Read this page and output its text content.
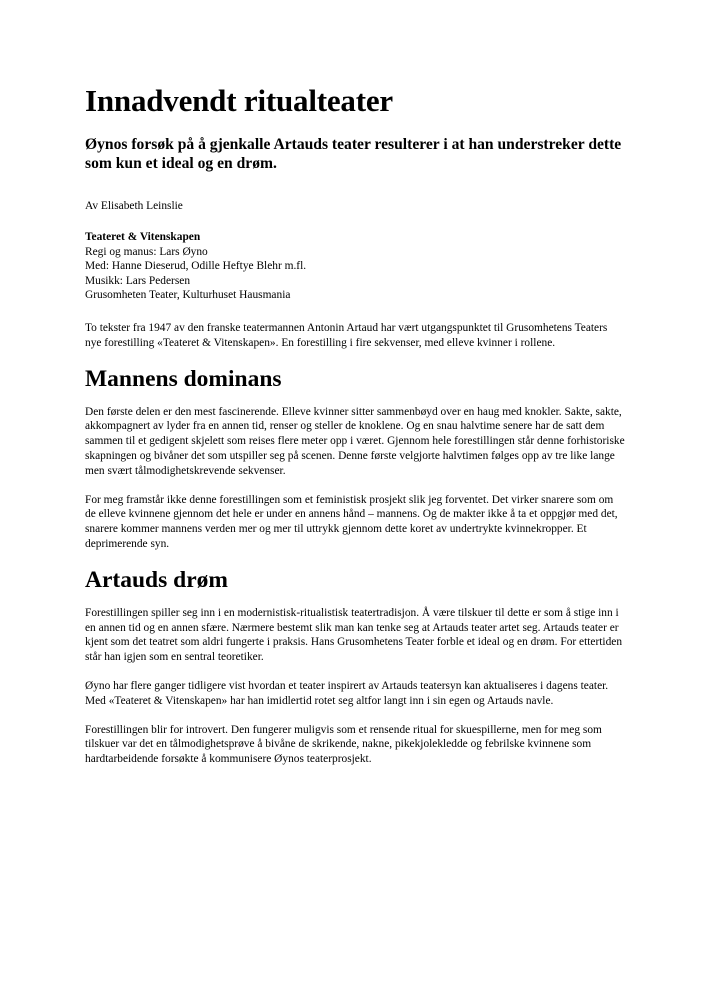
Innadvendt ritualteater

Øynos forsøk på å gjenkalle Artauds teater resulterer i at han understreker dette som kun et ideal og en drøm.

Av Elisabeth Leinslie

Teateret & Vitenskapen
Regi og manus: Lars Øyno
Med: Hanne Dieserud, Odille Heftye Blehr m.fl.
Musikk: Lars Pedersen
Grusomheten Teater, Kulturhuset Hausmania

To tekster fra 1947 av den franske teatermannen Antonin Artaud har vært utgangspunktet til Grusomhetens Teaters nye forestilling «Teateret & Vitenskapen». En forestilling i fire sekvenser, med elleve kvinner i rollene.

Mannens dominans

Den første delen er den mest fascinerende. Elleve kvinner sitter sammenbøyd over en haug med knokler. Sakte, sakte, akkompagnert av lyder fra en annen tid, renser og steller de knoklene. Og en snau halvtime senere har de satt dem sammen til et gedigent skjelett som reises flere meter opp i været. Gjennom hele forestillingen står denne forhistoriske skapningen og bivåner det som utspiller seg på scenen. Denne første velgjorte halvtimen følges opp av tre like lange men svært tålmodighetskrevende sekvenser.

For meg framstår ikke denne forestillingen som et feministisk prosjekt slik jeg forventet. Det virker snarere som om de elleve kvinnene gjennom det hele er under en annens hånd – mannens. Og de makter ikke å ta et oppgjør med det, snarere kommer mannens verden mer og mer til uttrykk gjennom dette koret av undertrykte kvinnekropper. Et deprimerende syn.

Artauds drøm

Forestillingen spiller seg inn i en modernistisk-ritualistisk teatertradisjon. Å være tilskuer til dette er som å stige inn i en annen tid og en annen sfære. Nærmere bestemt slik man kan tenke seg at Artauds teater artet seg. Artauds teater er kjent som det teatret som aldri fungerte i praksis. Hans Grusomhetens Teater forble et ideal og en drøm. For ettertiden står han igjen som en sentral teoretiker.

Øyno har flere ganger tidligere vist hvordan et teater inspirert av Artauds teatersyn kan aktualiseres i dagens teater. Med «Teateret & Vitenskapen» har han imidlertid rotet seg altfor langt inn i sin egen og Artauds navle.

Forestillingen blir for introvert. Den fungerer muligvis som et rensende ritual for skuespillerne, men for meg som tilskuer var det en tålmodighetsprøve å bivåne de skrikende, nakne, pikekjolekledde og febrilske kvinnene som hardtarbeidende forsøkte å kommunisere Øynos teaterprosjekt.
